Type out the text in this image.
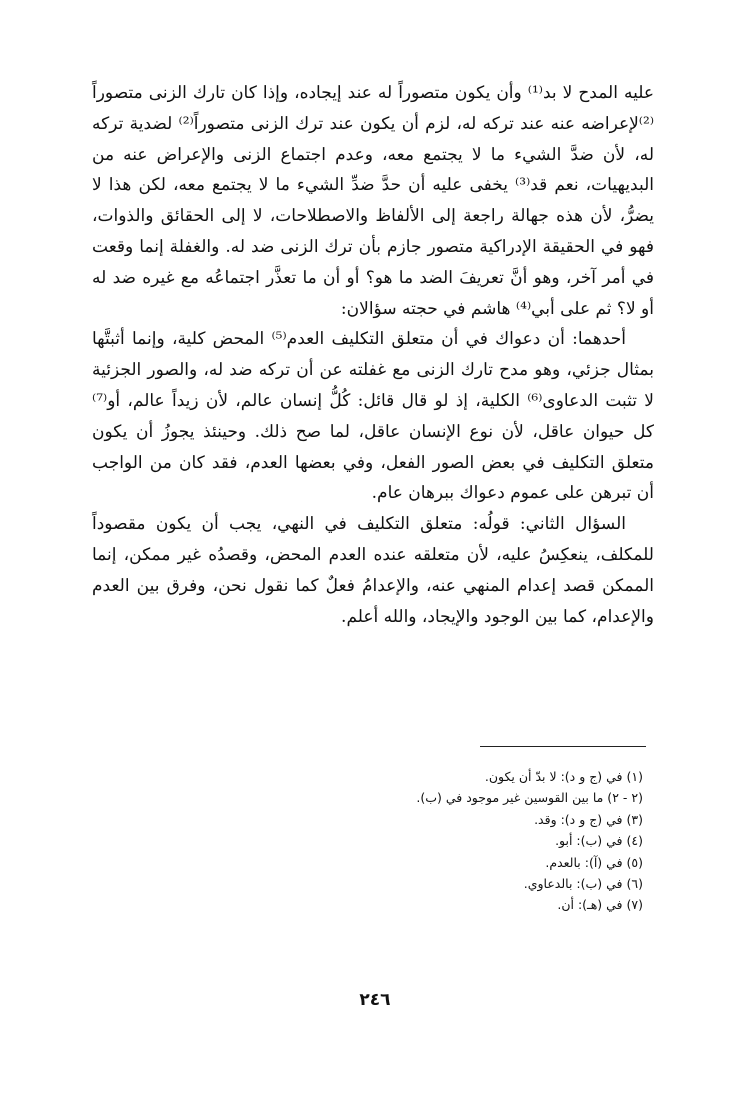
عليه المدح لا بد⁽¹⁾ وأن يكون متصوراً له عند إيجاده، وإذا كان تارك الزنى متصوراً ⁽²⁾لإعراضه عنه عند تركه له، لزم أن يكون عند ترك الزنى متصوراً⁽²⁾ لضدية تركه له، لأن ضدَّ الشيء ما لا يجتمع معه، وعدم اجتماع الزنى والإعراض عنه من البديهيات، نعم قد⁽³⁾ يخفى عليه أن حدَّ ضدِّ الشيء ما لا يجتمع معه، لكن هذا لا يضرُّ، لأن هذه جهالة راجعة إلى الألفاظ والاصطلاحات، لا إلى الحقائق والذوات، فهو في الحقيقة الإدراكية متصور جازم بأن ترك الزنى ضد له. والغفلة إنما وقعت في أمر آخر، وهو أنَّ تعريفَ الضد ما هو؟ أو أن ما تعذَّر اجتماعُه مع غيره ضد له أو لا؟ ثم على أبي⁽⁴⁾ هاشم في حجته سؤالان:

أحدهما: أن دعواك في أن متعلق التكليف العدم⁽⁵⁾ المحض كلية، وإنما أثبتَّها بمثال جزئي، وهو مدح تارك الزنى مع غفلته عن أن تركه ضد له، والصور الجزئية لا تثبت الدعاوى⁽⁶⁾ الكلية، إذ لو قال قائل: كُلُّ إنسان عالم، لأن زيداً عالم، أو⁽⁷⁾ كل حيوان عاقل، لأن نوع الإنسان عاقل، لما صح ذلك. وحينئذ يجوزُ أن يكون متعلق التكليف في بعض الصور الفعل، وفي بعضها العدم، فقد كان من الواجب أن تبرهن على عموم دعواك ببرهان عام.

السؤال الثاني: قولُه: متعلق التكليف في النهي، يجب أن يكون مقصوداً للمكلف، ينعكِسُ عليه، لأن متعلقه عنده العدم المحض، وقصدُه غير ممكن، إنما الممكن قصد إعدام المنهي عنه، والإعدامُ فعلٌ كما نقول نحن، وفرق بين العدم والإعدام، كما بين الوجود والإيجاد، والله أعلم.

(١) في (ج و د): لا بدّ أن يكون.
(٢ - ٢) ما بين القوسين غير موجود في (ب).
(٣) في (ج و د): وقد.
(٤) في (ب): أبو.
(٥) في (آ): بالعدم.
(٦) في (ب): بالدعاوي.
(٧) في (هـ): أن.
٢٤٦
